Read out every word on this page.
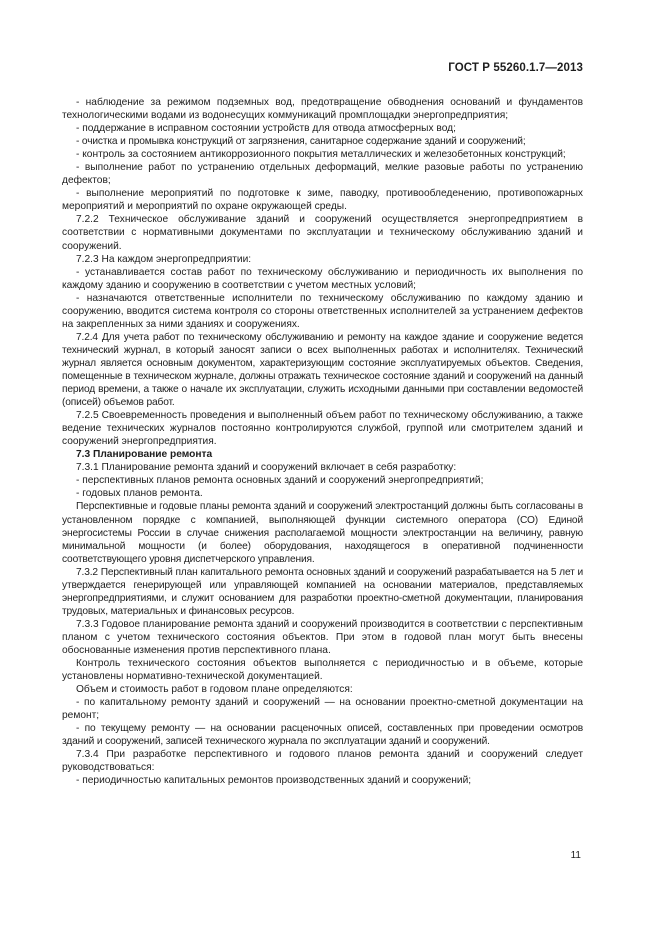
ГОСТ Р 55260.1.7—2013

- наблюдение за режимом подземных вод, предотвращение обводнения оснований и фундаментов технологическими водами из водонесущих коммуникаций промплощадки энергопредприятия;

- поддержание в исправном состоянии устройств для отвода атмосферных вод;

- очистка и промывка конструкций от загрязнения, санитарное содержание зданий и сооружений;

- контроль за состоянием антикоррозионного покрытия металлических и железобетонных конструкций;

- выполнение работ по устранению отдельных деформаций, мелкие разовые работы по устранению дефектов;

- выполнение мероприятий по подготовке к зиме, паводку, противообледенению, противопожарных мероприятий и мероприятий по охране окружающей среды.

7.2.2 Техническое обслуживание зданий и сооружений осуществляется энергопредприятием в соответствии с нормативными документами по эксплуатации и техническому обслуживанию зданий и сооружений.

7.2.3 На каждом энергопредприятии:

- устанавливается состав работ по техническому обслуживанию и периодичность их выполнения по каждому зданию и сооружению в соответствии с учетом местных условий;

- назначаются ответственные исполнители по техническому обслуживанию по каждому зданию и сооружению, вводится система контроля со стороны ответственных исполнителей за устранением дефектов на закрепленных за ними зданиях и сооружениях.

7.2.4 Для учета работ по техническому обслуживанию и ремонту на каждое здание и сооружение ведется технический журнал, в который заносят записи о всех выполненных работах и исполнителях. Технический журнал является основным документом, характеризующим состояние эксплуатируемых объектов. Сведения, помещенные в техническом журнале, должны отражать техническое состояние зданий и сооружений на данный период времени, а также о начале их эксплуатации, служить исходными данными при составлении ведомостей (описей) объемов работ.

7.2.5 Своевременность проведения и выполненный объем работ по техническому обслуживанию, а также ведение технических журналов постоянно контролируются службой, группой или смотрителем зданий и сооружений энергопредприятия.

7.3 Планирование ремонта

7.3.1 Планирование ремонта зданий и сооружений включает в себя разработку:

- перспективных планов ремонта основных зданий и сооружений энергопредприятий;

- годовых планов ремонта.

Перспективные и годовые планы ремонта зданий и сооружений электростанций должны быть согласованы в установленном порядке с компанией, выполняющей функции системного оператора (СО) Единой энергосистемы России в случае снижения располагаемой мощности электростанции на величину, равную минимальной мощности (и более) оборудования, находящегося в оперативной подчиненности соответствующего уровня диспетчерского управления.

7.3.2 Перспективный план капитального ремонта основных зданий и сооружений разрабатывается на 5 лет и утверждается генерирующей или управляющей компанией на основании материалов, представляемых энергопредприятиями, и служит основанием для разработки проектно-сметной документации, планирования трудовых, материальных и финансовых ресурсов.

7.3.3 Годовое планирование ремонта зданий и сооружений производится в соответствии с перспективным планом с учетом технического состояния объектов. При этом в годовой план могут быть внесены обоснованные изменения против перспективного плана.

Контроль технического состояния объектов выполняется с периодичностью и в объеме, которые установлены нормативно-технической документацией.

Объем и стоимость работ в годовом плане определяются:

- по капитальному ремонту зданий и сооружений — на основании проектно-сметной документации на ремонт;

- по текущему ремонту — на основании расценочных описей, составленных при проведении осмотров зданий и сооружений, записей технического журнала по эксплуатации зданий и сооружений.

7.3.4 При разработке перспективного и годового планов ремонта зданий и сооружений следует руководствоваться:

- периодичностью капитальных ремонтов производственных зданий и сооружений;

11
